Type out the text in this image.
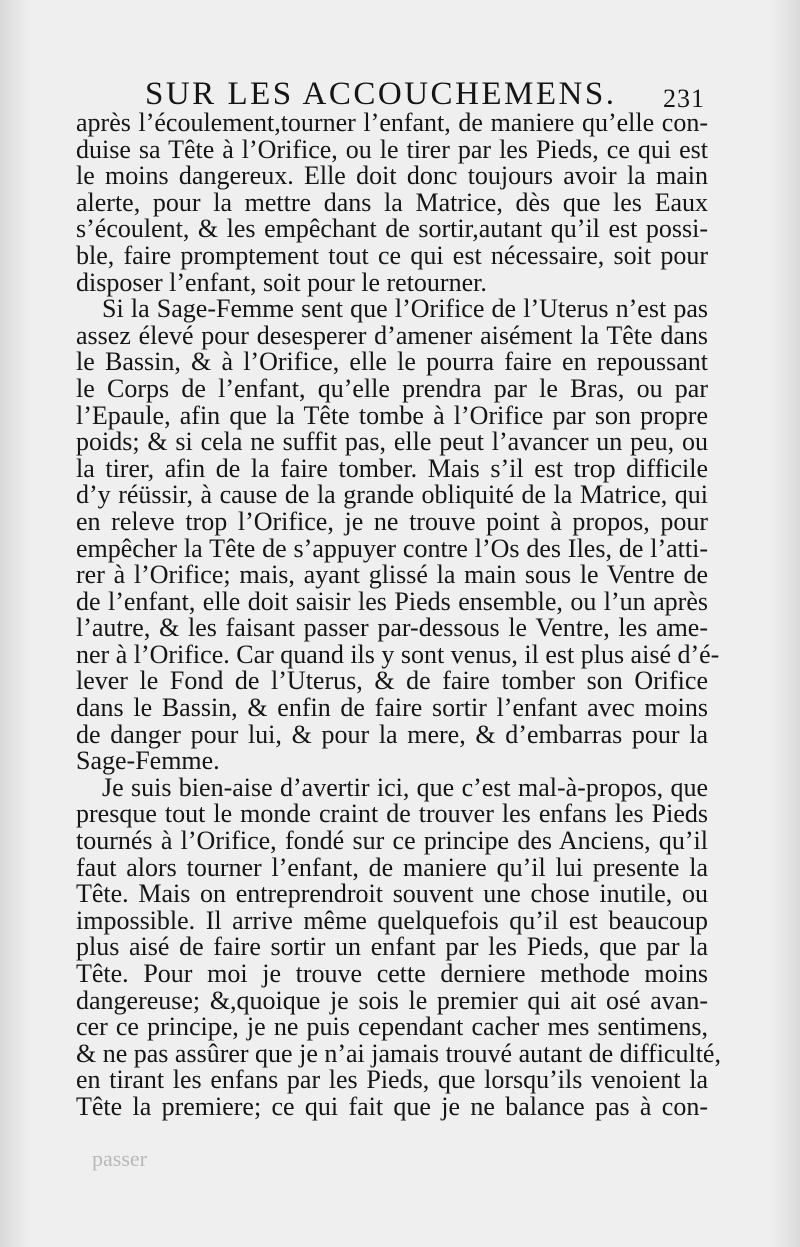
SUR LES ACCOUCHEMENS. 231
après l’écoulement,tourner l’enfant, de maniere qu’elle con-
duise sa Tête à l’Orifice, ou le tirer par les Pieds, ce qui est
le moins dangereux. Elle doit donc toujours avoir la main
alerte, pour la mettre dans la Matrice, dès que les Eaux
s’écoulent, & les empêchant de sortir,autant qu’il est possi-
ble, faire promptement tout ce qui est nécessaire, soit pour
disposer l’enfant, soit pour le retourner.
Si la Sage-Femme sent que l’Orifice de l’Uterus n’est pas
assez élevé pour desesperer d’amener aisément la Tête dans
le Bassin, & à l’Orifice, elle le pourra faire en repoussant
le Corps de l’enfant, qu’elle prendra par le Bras, ou par
l’Epaule, afin que la Tête tombe à l’Orifice par son propre
poids; & si cela ne suffit pas, elle peut l’avancer un peu, ou
la tirer, afin de la faire tomber. Mais s’il est trop difficile
d’y réüssir, à cause de la grande obliquité de la Matrice, qui
en releve trop l’Orifice, je ne trouve point à propos, pour
empêcher la Tête de s’appuyer contre l’Os des Iles, de l’atti-
rer à l’Orifice; mais, ayant glissé la main sous le Ventre de
de l’enfant, elle doit saisir les Pieds ensemble, ou l’un après
l’autre, & les faisant passer par-dessous le Ventre, les ame-
ner à l’Orifice. Car quand ils y sont venus, il est plus aisé d’é-
lever le Fond de l’Uterus, & de faire tomber son Orifice
dans le Bassin, & enfin de faire sortir l’enfant avec moins
de danger pour lui, & pour la mere, & d’embarras pour la
Sage-Femme.
Je suis bien-aise d’avertir ici, que c’est mal-à-propos, que
presque tout le monde craint de trouver les enfans les Pieds
tournés à l’Orifice, fondé sur ce principe des Anciens, qu’il
faut alors tourner l’enfant, de maniere qu’il lui presente la
Tête. Mais on entreprendroit souvent une chose inutile, ou
impossible. Il arrive même quelquefois qu’il est beaucoup
plus aisé de faire sortir un enfant par les Pieds, que par la
Tête. Pour moi je trouve cette derniere methode moins
dangereuse; &,quoique je sois le premier qui ait osé avan-
cer ce principe, je ne puis cependant cacher mes sentimens,
& ne pas assûrer que je n’ai jamais trouvé autant de difficulté,
en tirant les enfans par les Pieds, que lorsqu’ils venoient la
Tête la premiere; ce qui fait que je ne balance pas à con-
passer
